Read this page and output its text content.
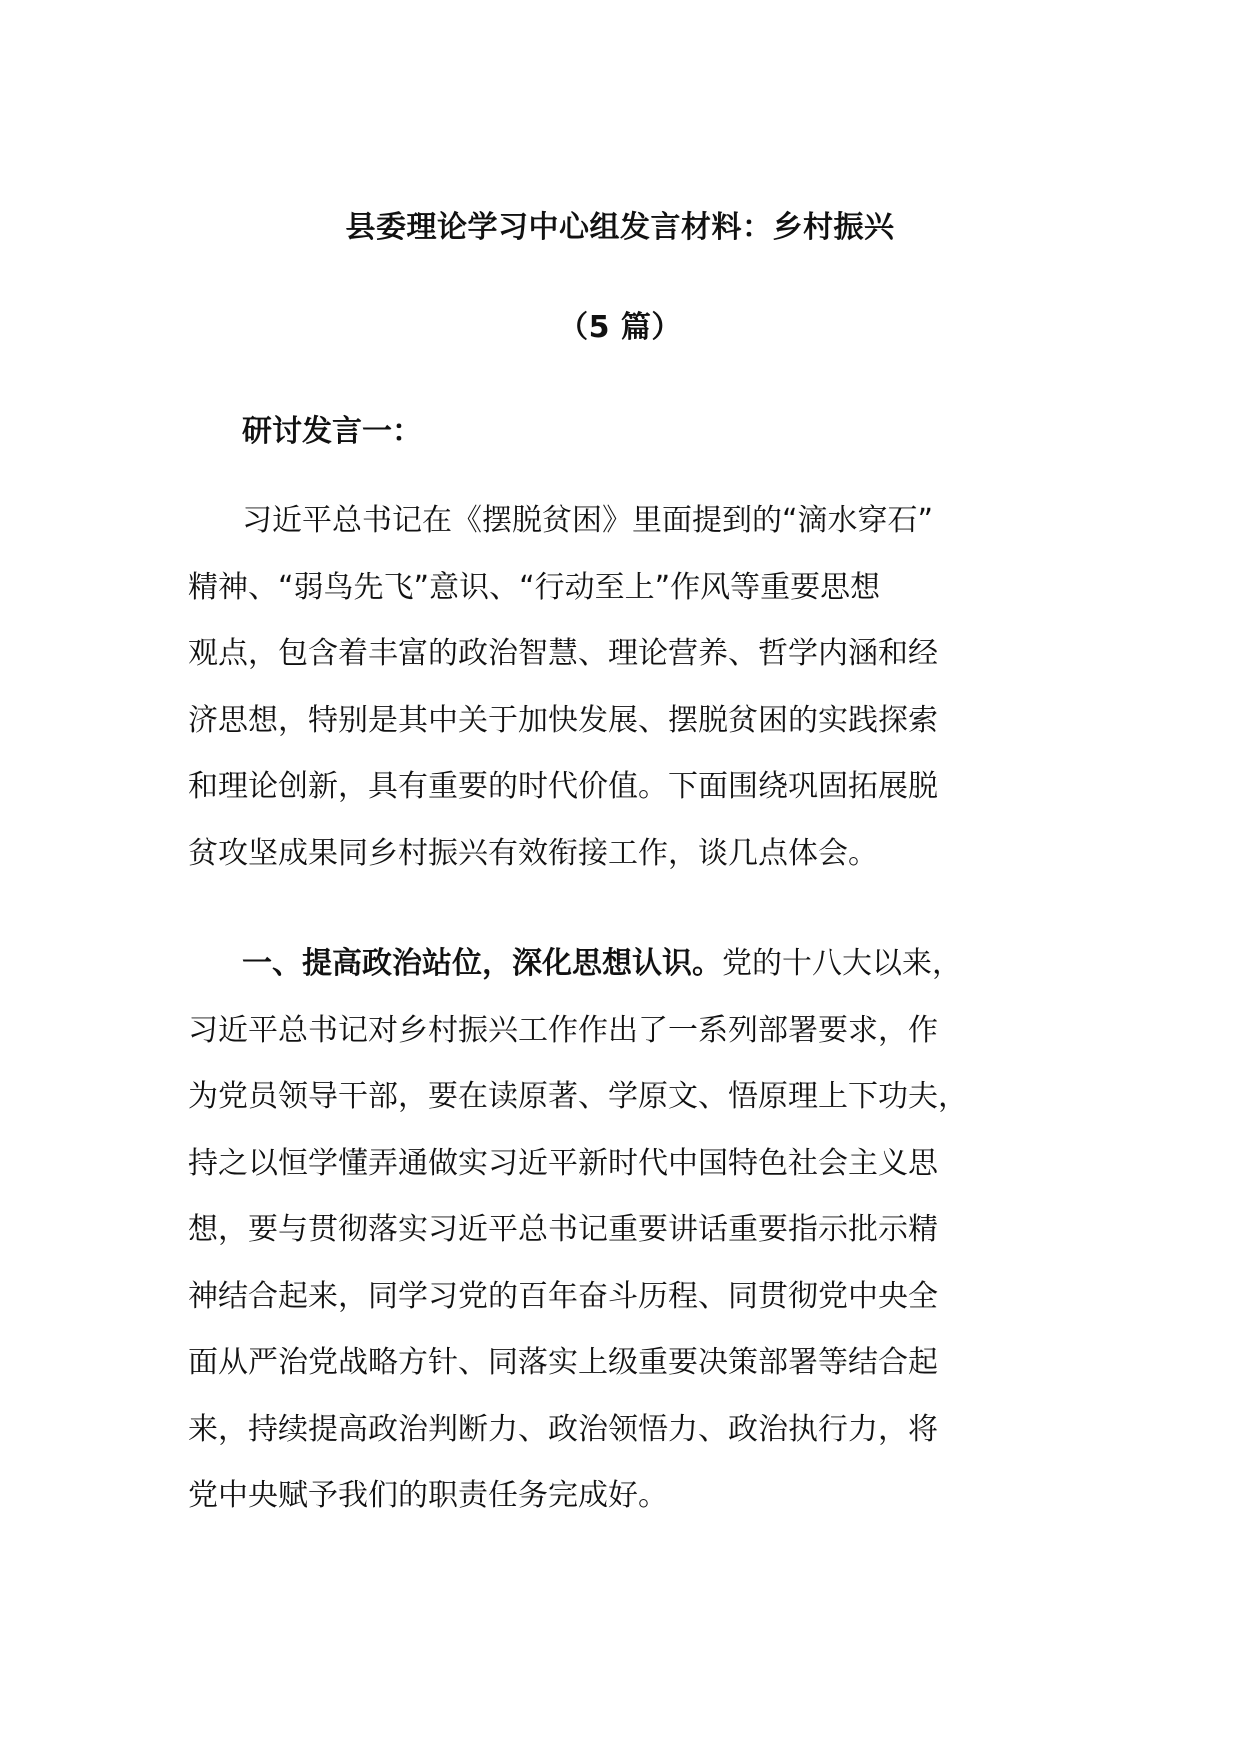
县委理论学习中心组发言材料：乡村振兴
（5 篇）
研讨发言一：
习近平总书记在《摆脱贫困》里面提到的“滴水穿石”
精神、“弱鸟先飞”意识、“行动至上”作风等重要思想
观点，包含着丰富的政治智慧、理论营养、哲学内涵和经
济思想，特别是其中关于加快发展、摆脱贫困的实践探索
和理论创新，具有重要的时代价值。下面围绕巩固拓展脱
贫攻坚成果同乡村振兴有效衔接工作，谈几点体会。
一、提高政治站位，深化思想认识。党的十八大以来，
习近平总书记对乡村振兴工作作出了一系列部署要求，作
为党员领导干部，要在读原著、学原文、悟原理上下功夫，
持之以恒学懂弄通做实习近平新时代中国特色社会主义思
想，要与贯彻落实习近平总书记重要讲话重要指示批示精
神结合起来，同学习党的百年奋斗历程、同贯彻党中央全
面从严治党战略方针、同落实上级重要决策部署等结合起
来，持续提高政治判断力、政治领悟力、政治执行力，将
党中央赋予我们的职责任务完成好。
